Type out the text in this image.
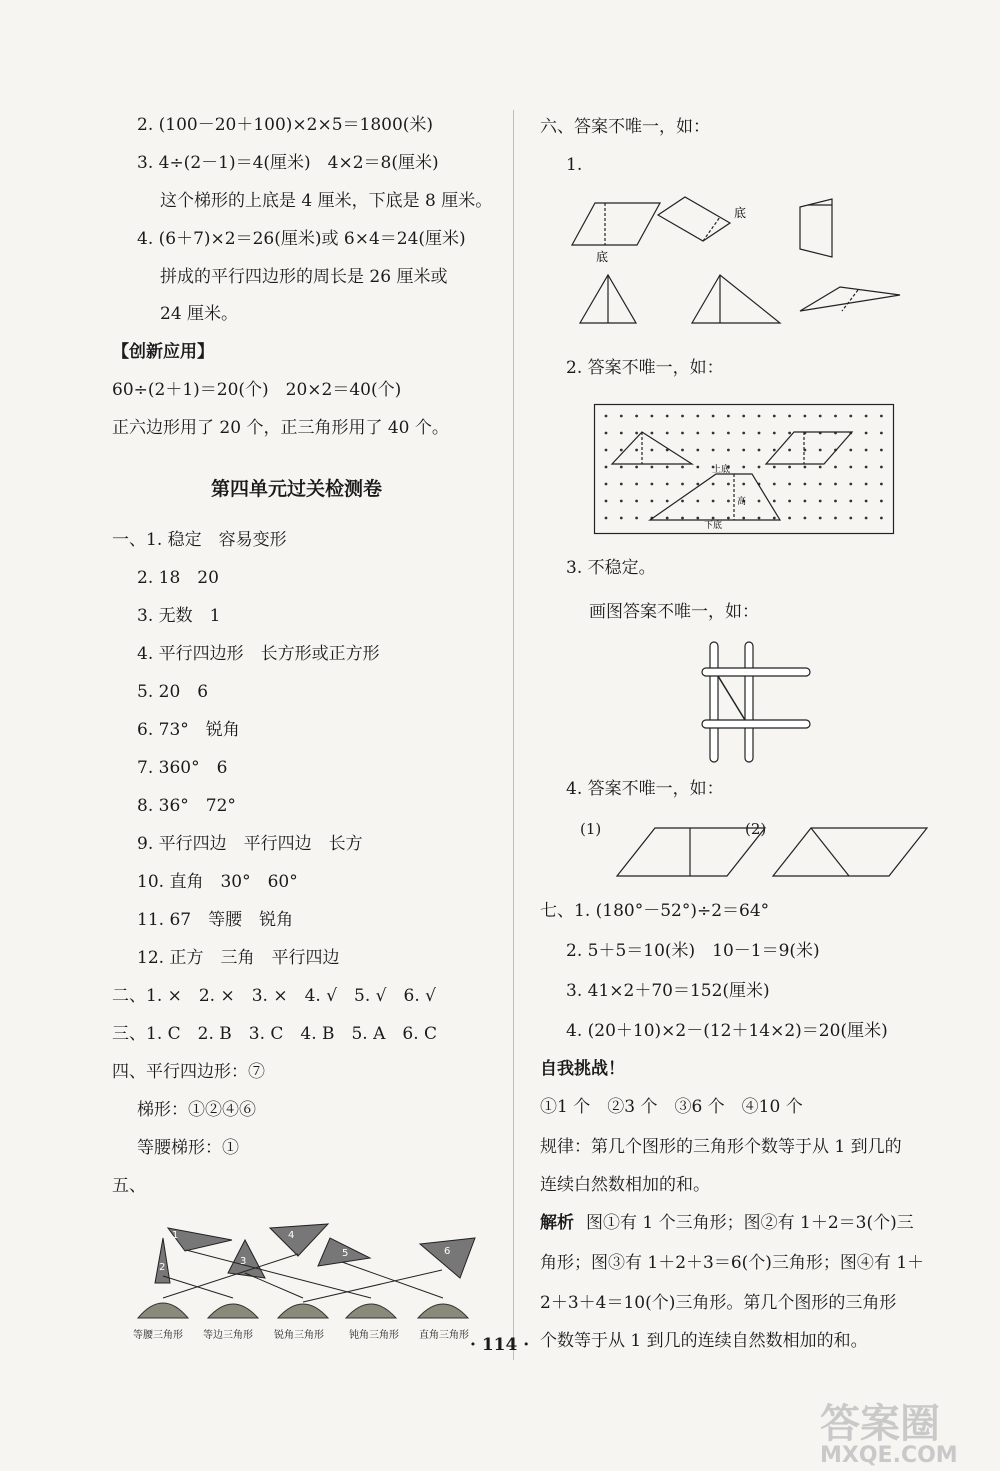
2. (100－20＋100)×2×5＝1800(米)
3. 4÷(2－1)＝4(厘米)　4×2＝8(厘米)
这个梯形的上底是 4 厘米，下底是 8 厘米。
4. (6＋7)×2＝26(厘米)或 6×4＝24(厘米)
拼成的平行四边形的周长是 26 厘米或
24 厘米。
【创新应用】
60÷(2＋1)＝20(个)　20×2＝40(个)
正六边形用了 20 个，正三角形用了 40 个。
第四单元过关检测卷
一、1. 稳定　容易变形
2. 18　20
3. 无数　1
4. 平行四边形　长方形或正方形
5. 20　6
6. 73°　锐角
7. 360°　6
8. 36°　72°
9. 平行四边　平行四边　长方
10. 直角　30°　60°
11. 67　等腰　锐角
12. 正方　三角　平行四边
二、1. ×　2. ×　3. ×　4. √　5. √　6. √
三、1. C　2. B　3. C　4. B　5. A　6. C
四、平行四边形：⑦
梯形：①②④⑥
等腰梯形：①
五、
1
2
3
4
5	6
等腰三角形 等边三角形 锐角三角形	钝角三角形 直角三角形
六、答案不唯一，如：
1.
底
底
2. 答案不唯一，如：
上底
高
下底
3. 不稳定。
画图答案不唯一，如：
4. 答案不唯一，如：
(1)	(2)
七、1. (180°－52°)÷2＝64°
2. 5＋5＝10(米)　10－1＝9(米)
3. 41×2＋70＝152(厘米)
4. (20＋10)×2－(12＋14×2)＝20(厘米)
自我挑战！
①1 个　②3 个　③6 个　④10 个
规律：第几个图形的三角形个数等于从 1 到几的
连续白然数相加的和。
解析 图①有 1 个三角形；图②有 1＋2＝3(个)三
角形；图③有 1＋2＋3＝6(个)三角形；图④有 1＋
2＋3＋4＝10(个)三角形。第几个图形的三角形
个数等于从 1 到几的连续自然数相加的和。
· 114 ·
答案圈
MXQE.COM
